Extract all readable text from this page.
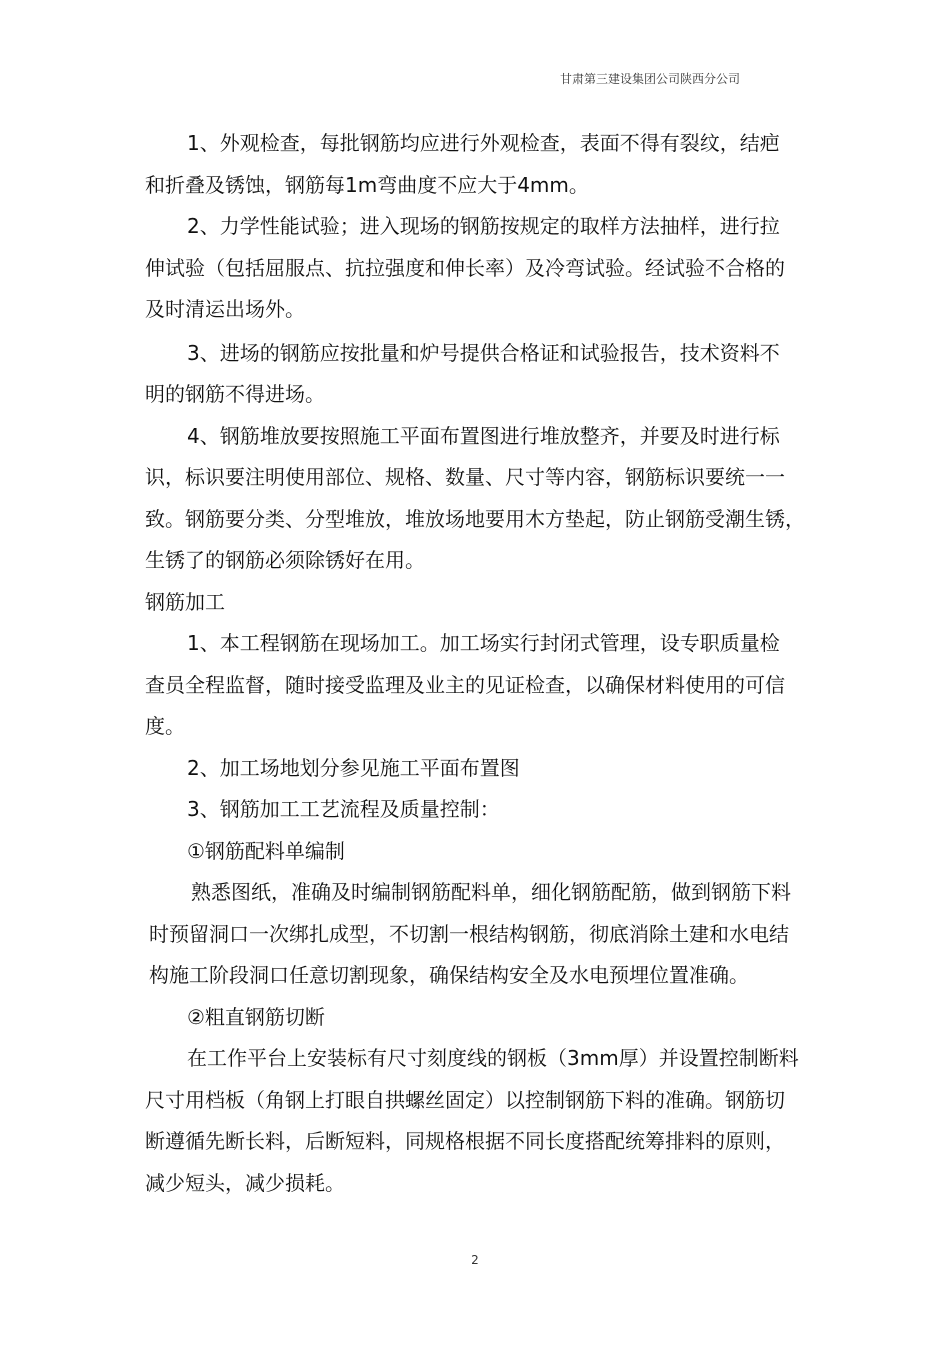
甘肃第三建设集团公司陕西分公司
1、外观检查，每批钢筋均应进行外观检查，表面不得有裂纹，结疤
和折叠及锈蚀，钢筋每1m弯曲度不应大于4mm。
2、力学性能试验；进入现场的钢筋按规定的取样方法抽样，进行拉
伸试验（包括屈服点、抗拉强度和伸长率）及冷弯试验。经试验不合格的
及时清运出场外。
3、进场的钢筋应按批量和炉号提供合格证和试验报告，技术资料不
明的钢筋不得进场。
4、钢筋堆放要按照施工平面布置图进行堆放整齐，并要及时进行标
识，标识要注明使用部位、规格、数量、尺寸等内容，钢筋标识要统一一
致。钢筋要分类、分型堆放，堆放场地要用木方垫起，防止钢筋受潮生锈，
生锈了的钢筋必须除锈好在用。
钢筋加工
1、本工程钢筋在现场加工。加工场实行封闭式管理，设专职质量检
查员全程监督，随时接受监理及业主的见证检查，以确保材料使用的可信
度。
2、加工场地划分参见施工平面布置图
3、钢筋加工工艺流程及质量控制：
①钢筋配料单编制
熟悉图纸，准确及时编制钢筋配料单，细化钢筋配筋，做到钢筋下料
时预留洞口一次绑扎成型，不切割一根结构钢筋，彻底消除土建和水电结
构施工阶段洞口任意切割现象，确保结构安全及水电预埋位置准确。
②粗直钢筋切断
在工作平台上安装标有尺寸刻度线的钢板（3mm厚）并设置控制断料
尺寸用档板（角钢上打眼自拱螺丝固定）以控制钢筋下料的准确。钢筋切
断遵循先断长料，后断短料，同规格根据不同长度搭配统筹排料的原则，
减少短头，减少损耗。
2
